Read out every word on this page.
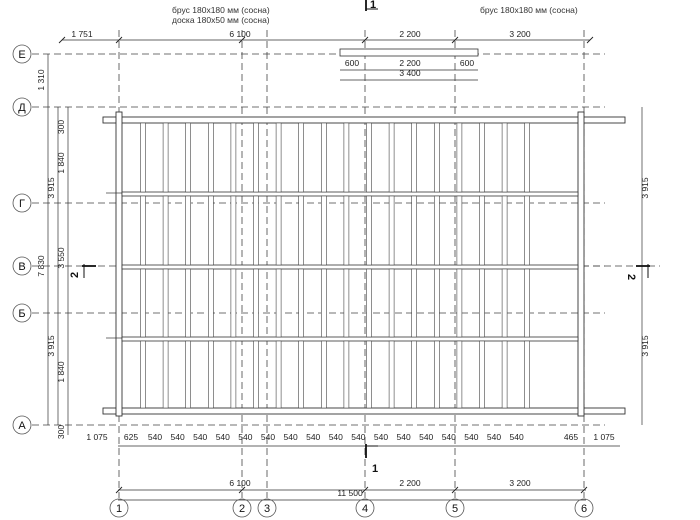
брус 180х180 мм (сосна)
доска 180х50 мм (сосна)
брус 180х180 мм (сосна)
Е
Д
Г
В
Б
А
1	2 3	4	5	6
1
1
2	2
1 751	6 100	2 200	3 200
600	2 200	600
3 400
1 310
7 830
300
1 840
3 915
3 550
3 915
1 840
300
3 915
3 915
1 075 625 540 540 540 540 540 540 540 540 540 540 540 540 540 540 540 540 540	465 1 075
6 100	2 200	3 200
11 500
